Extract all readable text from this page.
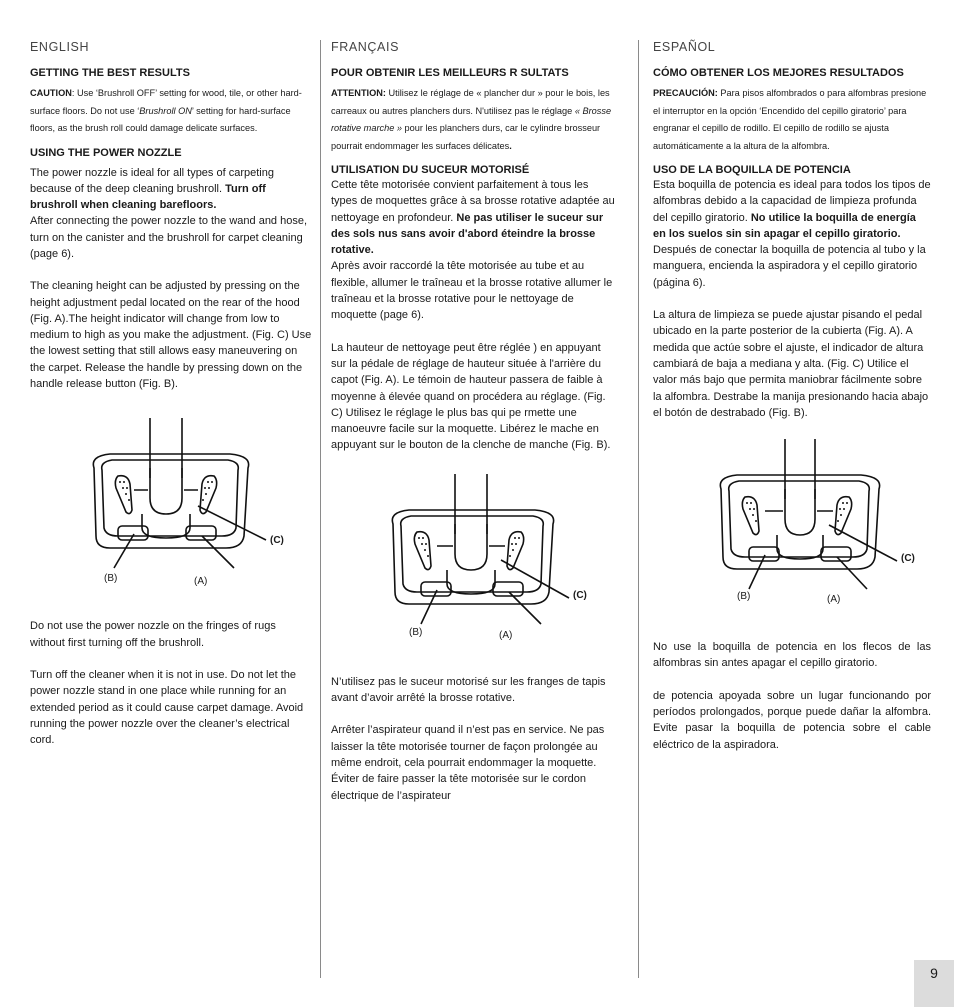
ENGLISH
GETTING THE BEST RESULTS

CAUTION: Use ‘Brushroll OFF’ setting for wood, tile, or other hard-surface floors. Do not use ‘Brushroll ON’ setting for hard-surface floors, as the brush roll could damage delicate surfaces.

USING THE POWER NOZZLE

The power nozzle is ideal for all types of carpeting because of the deep cleaning brushroll. Turn off brushroll when cleaning barefloors.

After connecting the power nozzle to the wand and hose, turn on the canister and the brushroll for carpet cleaning (page 6).

The cleaning height can be adjusted by pressing on the height adjustment pedal located on the rear of the hood (Fig. A).The height indicator will change from low to medium to high as you make the adjustment. (Fig. C) Use the lowest setting that still allows easy maneuvering on the carpet. Release the handle by pressing down on the handle release button (Fig. B).

(C)
(B)	(A)

Do not use the power nozzle on the fringes of rugs without first turning off the brushroll.

Turn off the cleaner when it is not in use. Do not let the power nozzle stand in one place while running for an extended period as it could cause carpet damage. Avoid running the power nozzle over the cleaner’s electrical cord.

FRANÇAIS
POUR OBTENIR LES MEILLEURS R SULTATS

ATTENTION: Utilisez le réglage de « plancher dur » pour le bois, les carreaux ou autres planchers durs. N'utilisez pas le réglage « Brosse rotative marche » pour les planchers durs, car le cylindre brosseur pourrait endommager les surfaces délicates.

UTILISATION DU SUCEUR MOTORISÉ

Cette tête motorisée convient parfaitement à tous les types de moquettes grâce à sa brosse rotative adaptée au nettoyage en profondeur. Ne pas utiliser le suceur sur des sols nus sans avoir d'abord éteindre la brosse rotative.

Après avoir raccordé la tête motorisée au tube et au flexible, allumer le traîneau et la brosse rotative allumer le traîneau et la brosse rotative pour le nettoyage de moquette (page 6).

La hauteur de nettoyage peut être réglée ) en appuyant sur la pédale de réglage de hauteur située à l'arrière du capot (Fig. A). Le témoin de hauteur passera de faible à moyenne à élevée quand on procédera au réglage. (Fig. C) Utilisez le réglage le plus bas qui pe rmette une manoeuvre facile sur la moquette. Libérez le mache en appuyant sur le bouton de la clenche de manche (Fig. B).

(C)
(B)	(A)

N’utilisez pas le suceur motorisé sur les franges de tapis avant d’avoir arrêté la brosse rotative.

Arrêter l’aspirateur quand il n’est pas en service. Ne pas laisser la tête motorisée tourner de façon prolongée au même endroit, cela pourrait endommager la moquette. Éviter de faire passer la tête motorisée sur le cordon électrique de l’aspirateur

ESPAÑOL
CÓMO OBTENER LOS MEJORES RESULTADOS

PRECAUCIÓN: Para pisos alfombrados o para alfombras presione el interruptor en la opción ‘Encendido del cepillo giratorio’ para engranar el cepillo de rodillo. El cepillo de rodillo se ajusta automáticamente a la altura de la alfombra.

USO DE LA BOQUILLA DE POTENCIA

Esta boquilla de potencia es ideal para todos los tipos de alfombras debido a la capacidad de limpieza profunda del cepillo giratorio. No utilice la boquilla de energía en los suelos sin sin apagar el cepillo giratorio.

Después de conectar la boquilla de potencia al tubo y la manguera, encienda la aspiradora y el cepillo giratorio (página 6).

La altura de limpieza se puede ajustar pisando el pedal ubicado en la parte posterior de la cubierta (Fig. A). A medida que actúe sobre el ajuste, el indicador de altura cambiará de baja a mediana y alta. (Fig. C) Utilice el valor más bajo que permita maniobrar fácilmente sobre la alfombra. Destrabe la manija presionando hacia abajo el botón de destrabado (Fig. B).

(C)
(B)	(A)

No use la boquilla de potencia en los flecos de las alfombras sin antes apagar el cepillo giratorio.

de potencia apoyada sobre un lugar funcionando por períodos prolongados, porque puede dañar la alfombra. Evite pasar la boquilla de potencia sobre el cable eléctrico de la aspiradora.

9
